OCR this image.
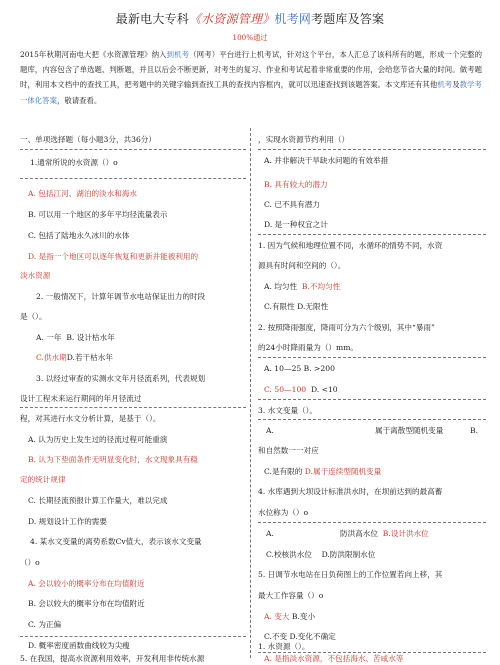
最新电大专科《水资源管理》机考网考题库及答案
100%通过
2015年秋期河南电大把《水资源管理》纳入到机考（网考）平台进行上机考试，针对这个平台，本人汇总了该科所有的题，形成一个完整的题库，内容包含了单选题、判断题，并且以后会不断更新，对考生的复习、作业和考试起着非常重要的作用，会给您节省大量的时间。做考题时，利用本文档中的查找工具，把考题中的关键字输到查找工具的查找内容框内，就可以迅速查找到该题答案。本文库还有其他机考及教学考一体化答案，敬请查看。
一、单项选择题（每小题3分，共36分）
1.通常所说的水资源（）o
A. 包括江河、湖泊的淡水和海水
B. 可以用一个地区的多年平均径流量表示
C. 包括了陆地永久冰川的水体
D. 是指一个地区可以逐年恢复和更新并能被利用的
淡水资源
2. 一般情况下，计算年调节水电站保证出力的时段
是（）。
A. 一年 B. 设计枯水年
C.供水期D.若干枯水年
3. 以经过审查的实测水文年月径流系列，代表规划
设计工程未来运行期间的年月径流过
程，对其进行水文分析计算，是基于（）。
A. 认为历史上发生过的径流过程可能重演
B. 认为下垫面条件无明显变化时，水文现象具有稳
定的统计规律
C. 长期径流预报计算工作量大，难以完成
D. 规划设计工作的需要
4. 某水文变量的离势系数Cv值大，表示该水文变量
（）o
A. 会以较小的概率分布在均值附近
B. 会以较大的概率分布在均值附近
C. 为正偏
D. 概率密度函数曲线较为尖瘦
5. 在我国，提高水资源利用效率，开发利用非传统水源
，实现水资源节约利用（）
A. 并非解决干旱缺水问题的有效举措
B. 具有较大的潜力
C. 已不具有潜力
D. 是一种权宜之计
1. 因为气候和地理位置不同，水循环的情势不同，水资
源具有时间和空间的（）。
A. 均匀性 B.不均匀性
C.有限性 D.无限性
2. 按照降雨强度，降雨可分为六个级别，其中“暴雨”
的24小时降雨量为（）mm。
A. 10—25 B. >200
C. 50—100 D. <10
3. 水文变量（）。
A.	属于离散型随机变量	B.
和自然数一一对应
C.是有限的 D.属于连续型随机变量
4. 水库遇到大坝设计标准洪水时，在坝前达到的最高蓄
水位称为（）o
A.	防洪高水位 B.设计洪水位
C.校核洪水位 D.防洪限制水位
5. 日调节水电站在日负荷图上的工作位置若向上移，其
最大工作容量（）o
A. 变大 B.变小
C.不变 D.变化不确定
1. 水资源（）。
A. 是指淡水资源，不包括海水、苦咸水等
